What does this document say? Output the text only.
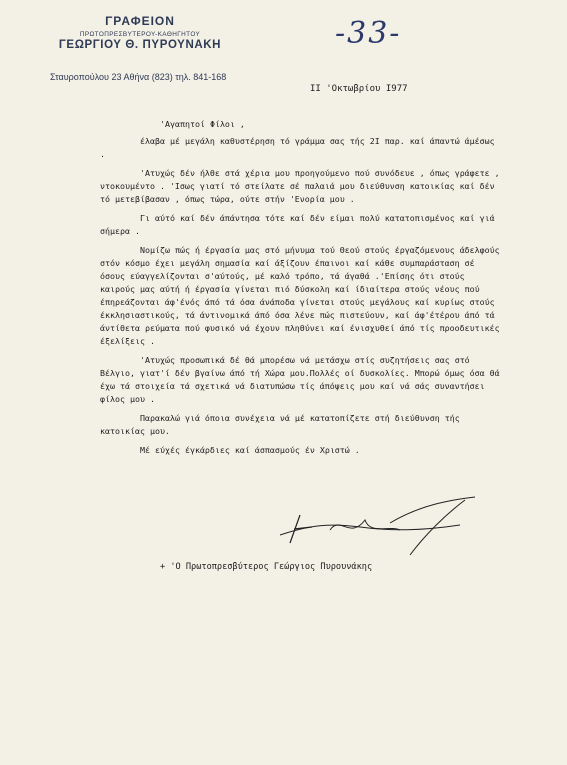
ΓΡΑΦΕΙΟΝ
ΠΡΩΤΟΠΡΕΣΒΥΤΕΡΟΥ-ΚΑΘΗΓΗΤΟΥ
ΓΕΩΡΓΙΟΥ Θ. ΠΥΡΟΥΝΑΚΗ
Σταυροπούλου 23 Αθήνα (823) τηλ. 841-168
-33-
ΙΙ 'Οκτωβρίου Ι977

'Αγαπητοί Φίλοι ,

έλαβα μέ μεγάλη καθυστέρηση τό γράμμα σας τής 2Ι παρ. καί άπαντώ άμέσως .

'Ατυχώς δέν ήλθε στά χέρια μου προηγούμενο πού συνόδευε , όπως γράφετε , ντοκουμέντο . 'Ισως γιατί τό στείλατε σέ παλαιά μου διεύθυνση κατοικίας καί δέν τό μετεβίβασαν , όπως τώρα, ούτε στήν 'Ενορία μου .

Γι αύτό καί δέν άπάντησα τότε καί δέν είμαι πολύ κατατοπισμένος καί γιά σήμερα .

Νομίζω πώς ή έργασία μας στό μήνυμα τού Θεού στούς έργαζόμενους άδελφούς στόν κόσμο έχει μεγάλη σημασία καί άξίζουν έπαινοι καί κάθε συμπαράσταση σέ όσους εύαγγελίζονται σ'αύτούς, μέ καλό τρόπο, τά άγαθά .'Επίσης ότι στούς καιρούς μας αύτή ή έργασία γίνεται πιό δύσκολη καί ίδιαίτερα στούς νέους πού έπηρεάζονται άφ'ένός άπό τά όσα άνάποδα γίνεται στούς μεγάλους καί κυρίως στούς έκκλησιαστικούς, τά άντινομικά άπό όσα λένε πώς πιστεύουν, καί άφ'έτέρου άπό τά άντίθετα ρεύματα πού φυσικό νά έχουν πληθύνει καί ένισχυθεί άπό τίς προοδευτικές έξελίξεις .

'Ατυχώς προσωπικά δέ θά μπορέσω νά μετάσχω στίς συζητήσεις σας στό Βέλγιο, γιατ'ί δέν βγαίνω άπό τή Χώρα μου.Πολλές οί δυσκολίες. Μπορώ όμως όσα θά έχω τά στοιχεία τά σχετικά νά διατυπώσω τίς άπόψεις μου καί νά σάς συναντήσει φίλος μου .

Παρακαλώ γιά όποια συνέχεια νά μέ κατατοπίζετε στή διεύθυνση τής κατοικίας μου.

Μέ εύχές έγκάρδιες καί άσπασμούς έν Χριστώ .

+ 'Ο Πρωτοπρεσβύτερος Γεώργιος Πυρουνάκης
